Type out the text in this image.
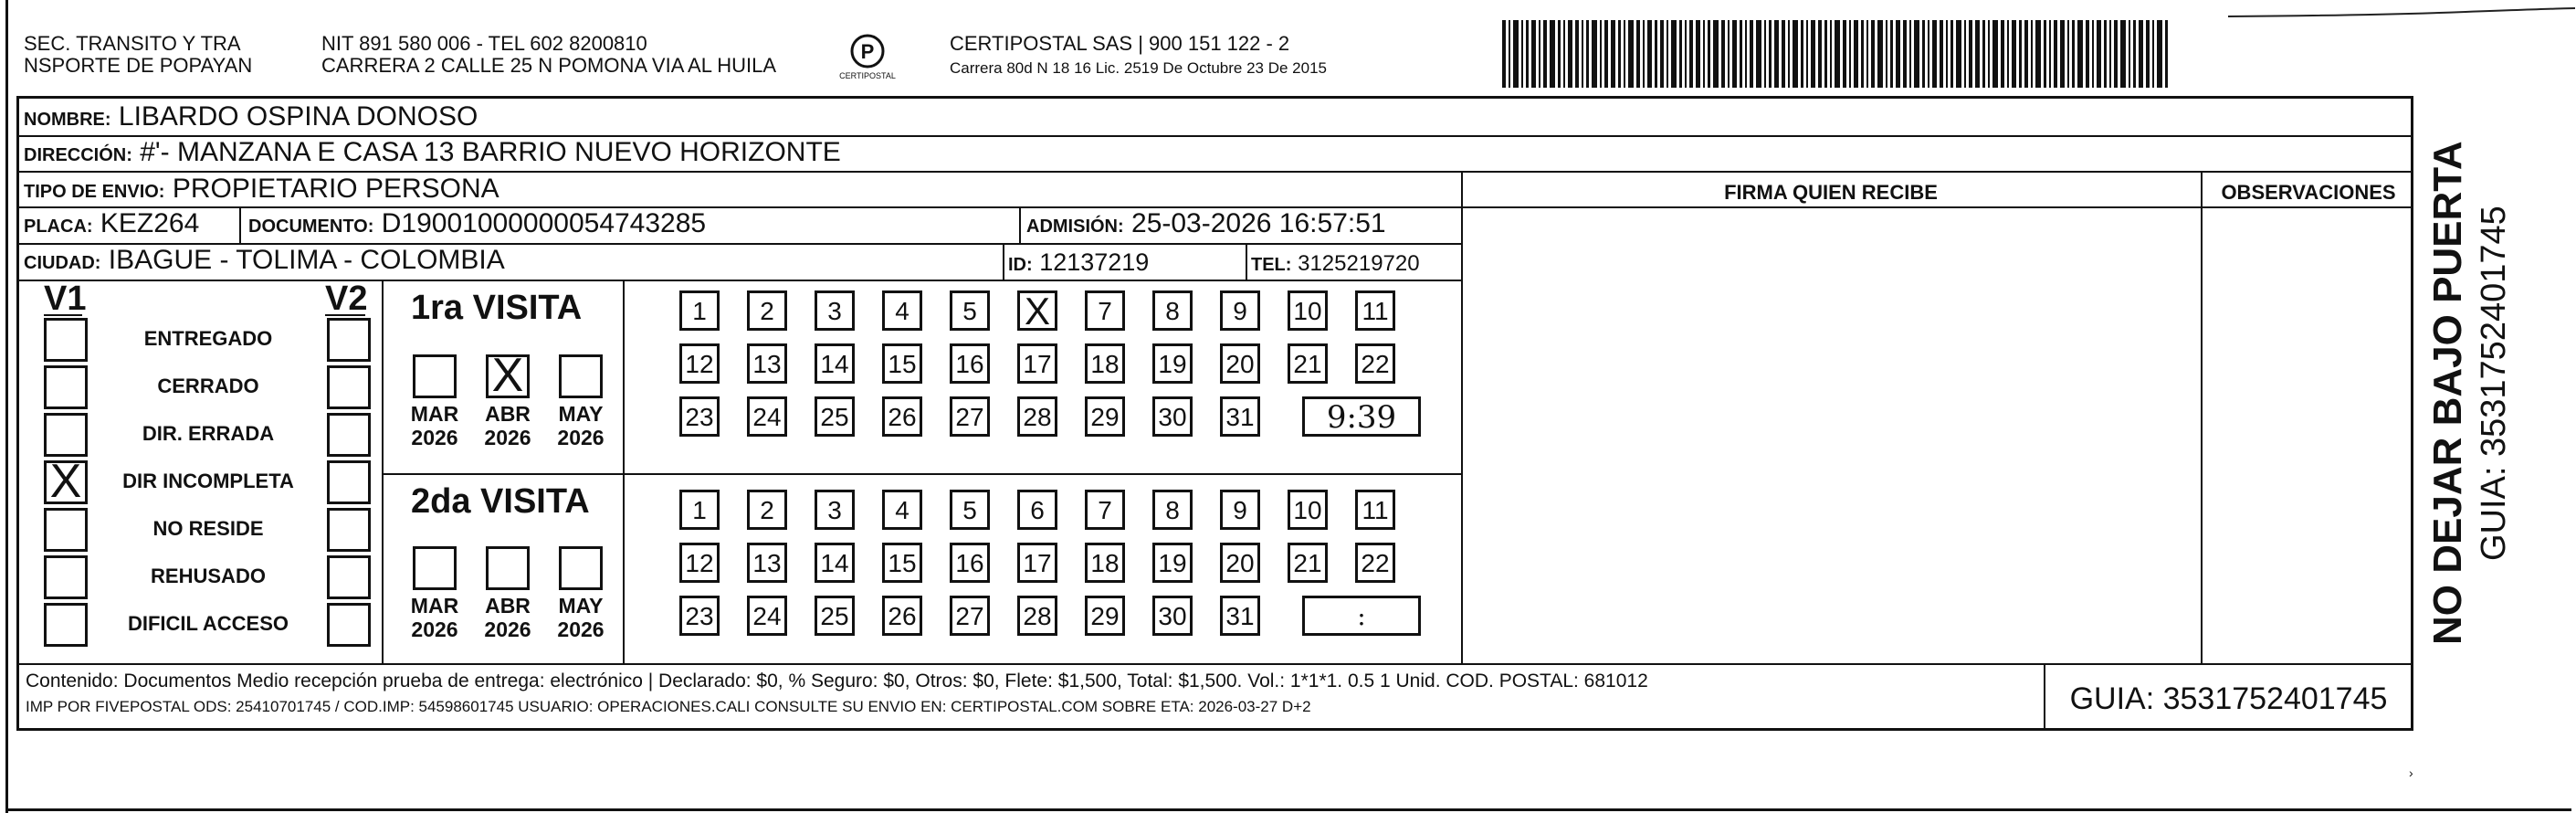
SEC. TRANSITO Y TRA
NSPORTE DE POPAYAN
NIT 891 580 006 - TEL 602 8200810
CARRERA 2 CALLE 25 N POMONA VIA AL HUILA
P
CERTIPOSTAL
CERTIPOSTAL SAS | 900 151 122 - 2
Carrera 80d N 18 16 Lic. 2519 De Octubre 23 De 2015
NOMBRE: LIBARDO OSPINA DONOSO
DIRECCIÓN: #'- MANZANA E CASA 13 BARRIO NUEVO HORIZONTE
TIPO DE ENVIO: PROPIETARIO PERSONA	FIRMA QUIEN RECIBE	OBSERVACIONES
PLACA: KEZ264	DOCUMENTO: D19001000000054743285	ADMISIÓN: 25-03-2026 16:57:51
CIUDAD: IBAGUE - TOLIMA - COLOMBIA	ID: 12137219	TEL: 3125219720
V1	V2
ENTREGADO
CERRADO
DIR. ERRADA
X	DIR INCOMPLETA
NO RESIDE
REHUSADO
DIFICIL ACCESO
1ra VISITA
2da VISITA
MAR
2026
X
ABR
2026
MAY
2026
MAR
2026
ABR
2026
MAY
2026
1	2	3	4	5	X	7	8	9	10 11
12 13 14 15 16 17 18 19 20 21 22
23 24 25 26 27 28 29 30 31	9:39
1	2	3	4	5	6	7	8	9	10 11
12 13 14 15 16 17 18 19 20 21 22
23 24 25 26 27 28 29 30 31	:
Contenido: Documentos Medio recepción prueba de entrega: electrónico | Declarado: $0, % Seguro: $0, Otros: $0, Flete: $1,500, Total: $1,500. Vol.: 1*1*1. 0.5 1 Unid. COD. POSTAL: 681012
IMP POR FIVEPOSTAL ODS: 25410701745 / COD.IMP: 54598601745 USUARIO: OPERACIONES.CALI CONSULTE SU ENVIO EN: CERTIPOSTAL.COM SOBRE ETA: 2026-03-27 D+2	GUIA: 3531752401745
NO DEJAR BAJO PUERTA GUIA: 3531752401745
›
